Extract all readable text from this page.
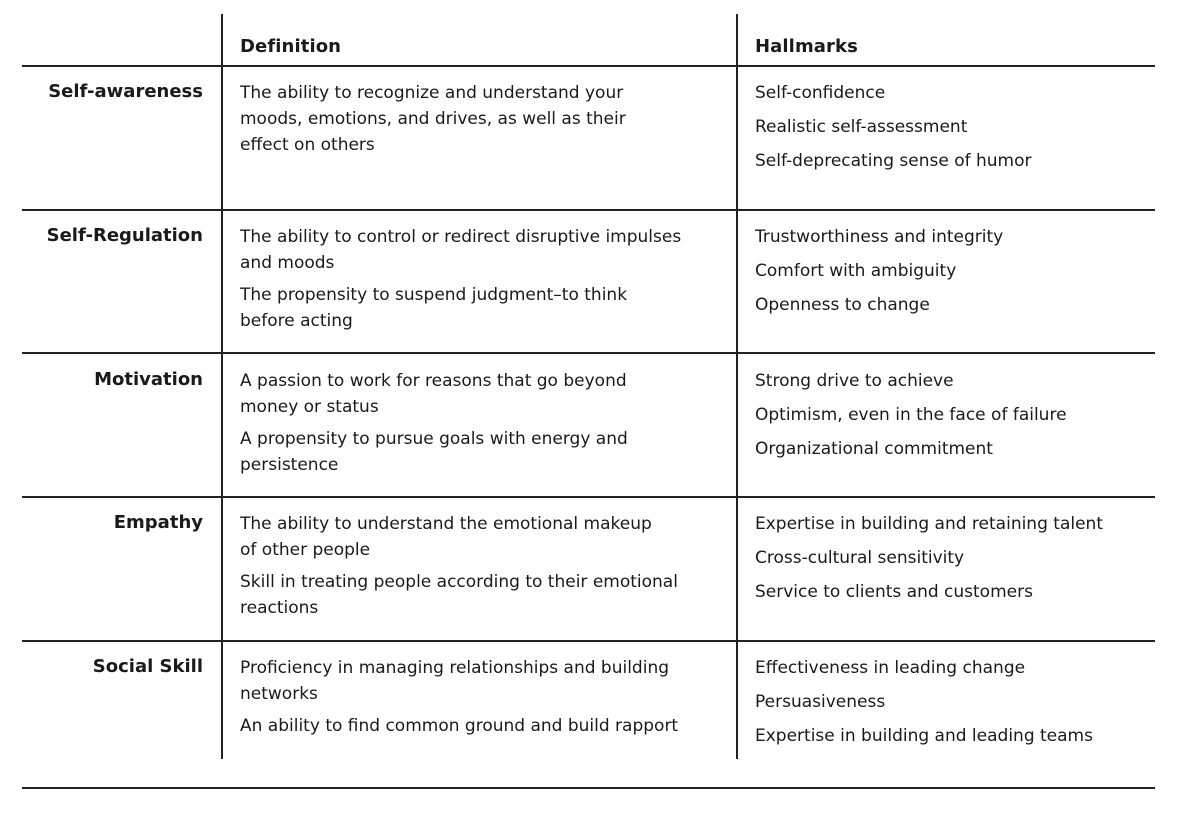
Definition	Hallmarks
Self-awareness The ability to recognize and understand your moods, emotions, and drives, as well as their effect on others

Self-confidence
Realistic self-assessment
Self-deprecating sense of humor
Self-Regulation The ability to control or redirect disruptive impulses and moods

The propensity to suspend judgment–to think before acting

Trustworthiness and integrity
Comfort with ambiguity
Openness to change
Motivation A passion to work for reasons that go beyond money or status

A propensity to pursue goals with energy and persistence

Strong drive to achieve
Optimism, even in the face of failure
Organizational commitment
Empathy The ability to understand the emotional makeup of other people

Skill in treating people according to their emotional reactions

Expertise in building and retaining talent
Cross-cultural sensitivity
Service to clients and customers
Social Skill Proficiency in managing relationships and building networks

An ability to find common ground and build rapport

Effectiveness in leading change
Persuasiveness
Expertise in building and leading teams
